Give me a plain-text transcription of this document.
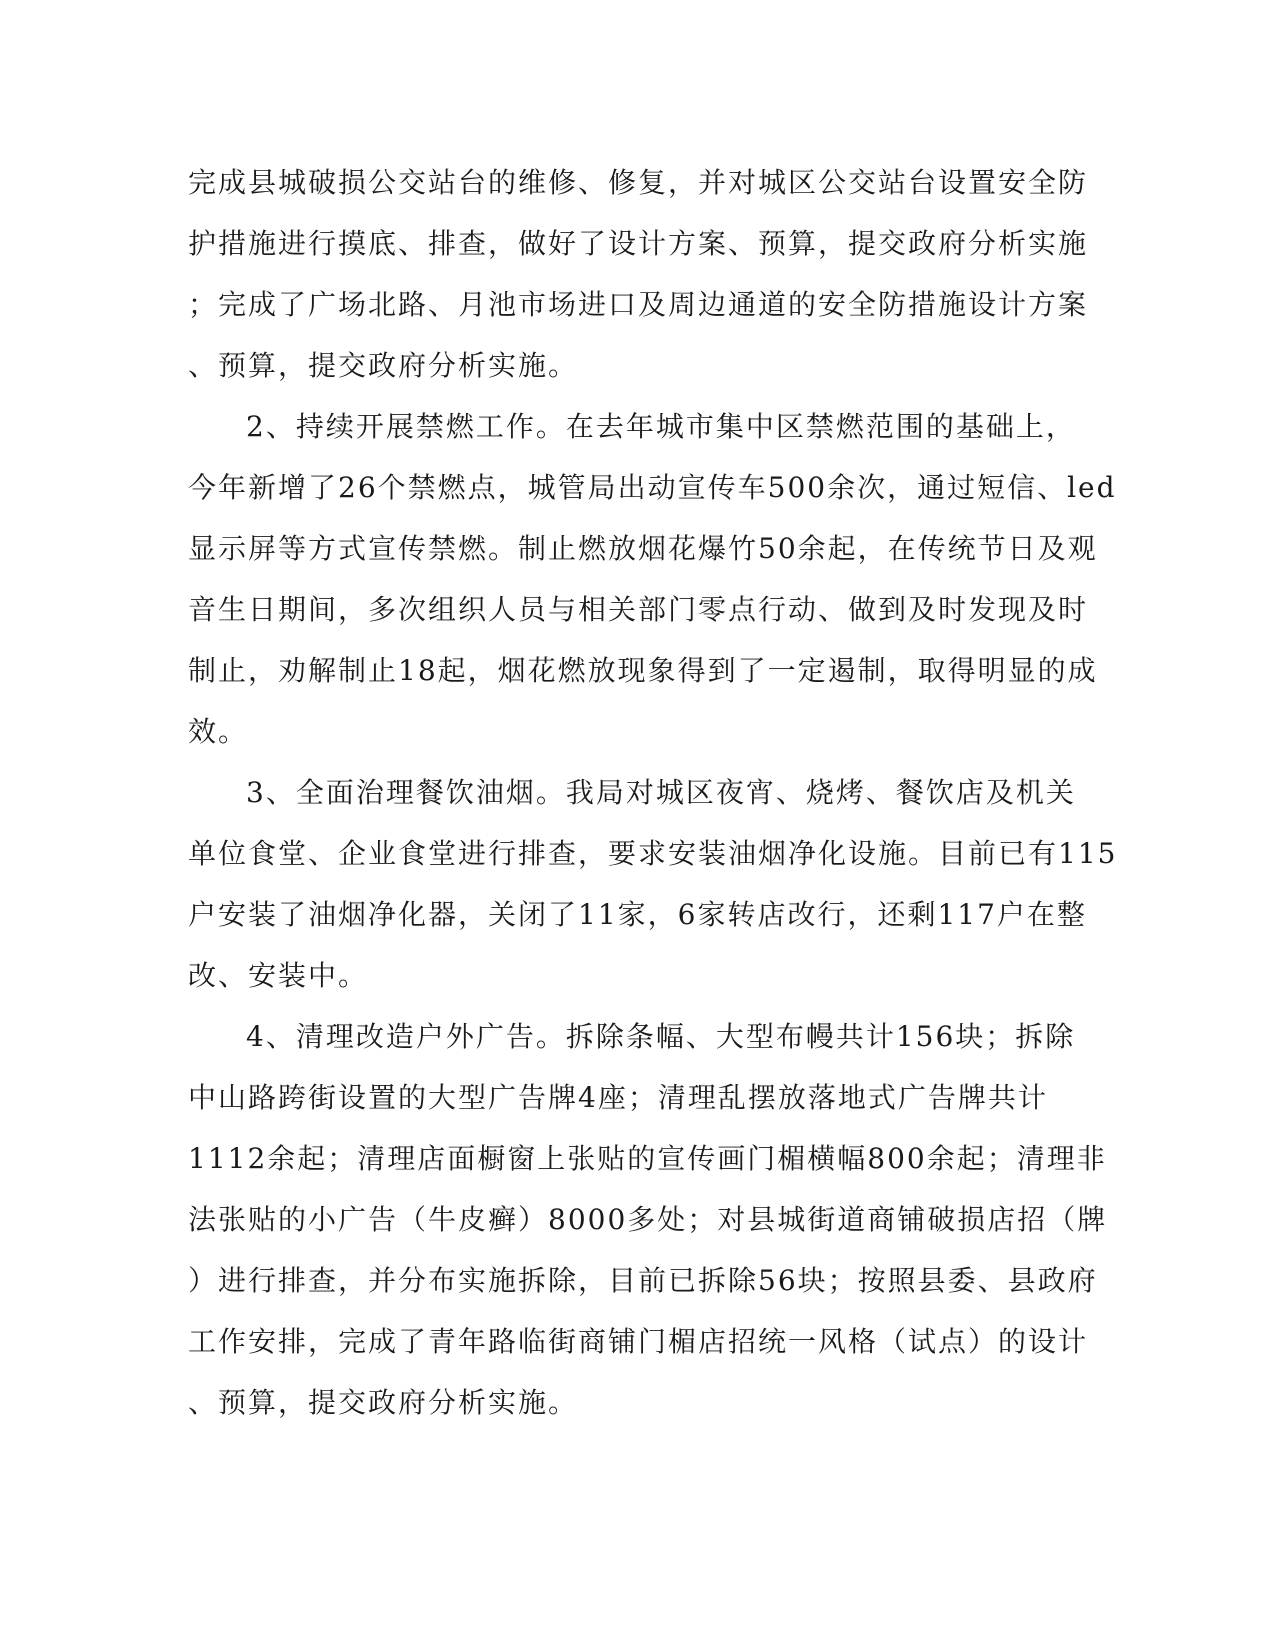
完成县城破损公交站台的维修、修复，并对城区公交站台设置安全防
护措施进行摸底、排查，做好了设计方案、预算，提交政府分析实施
；完成了广场北路、月池市场进口及周边通道的安全防措施设计方案
、预算，提交政府分析实施。
2、持续开展禁燃工作。在去年城市集中区禁燃范围的基础上，
今年新增了26个禁燃点，城管局出动宣传车500余次，通过短信、led
显示屏等方式宣传禁燃。制止燃放烟花爆竹50余起，在传统节日及观
音生日期间，多次组织人员与相关部门零点行动、做到及时发现及时
制止，劝解制止18起，烟花燃放现象得到了一定遏制，取得明显的成
效。
3、全面治理餐饮油烟。我局对城区夜宵、烧烤、餐饮店及机关
单位食堂、企业食堂进行排查，要求安装油烟净化设施。目前已有115
户安装了油烟净化器，关闭了11家，6家转店改行，还剩117户在整
改、安装中。
4、清理改造户外广告。拆除条幅、大型布幔共计156块；拆除
中山路跨街设置的大型广告牌4座；清理乱摆放落地式广告牌共计
1112余起；清理店面橱窗上张贴的宣传画门楣横幅800余起；清理非
法张贴的小广告（牛皮癣）8000多处；对县城街道商铺破损店招（牌
）进行排查，并分布实施拆除，目前已拆除56块；按照县委、县政府
工作安排，完成了青年路临街商铺门楣店招统一风格（试点）的设计
、预算，提交政府分析实施。
